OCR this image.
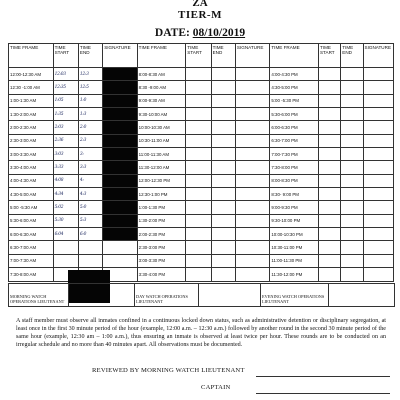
ZA
TIER-M
DATE: 08/10/2019
TIME FRAME	TIME START	TIME END	SIGNATURE	TIME FRAME	TIME START	TIME END	SIGNATURE	TIME FRAME	TIME START	TIME END	SIGNATURE
12:00-12:30 AM	12:03	12:3		8:00-8:30 AM				4:00-4:30 PM			
12:30 -1:00 AM	12:35	12:5		8:30 -9:00 AM				4:30-5:00 PM			
1:00-1:30 AM	1:05	1:0		9:00-9:30 AM				5:00 -5:30 PM			
1:30-2:00 AM	1:35	1:3		9:30-10:00 AM				5:30-6:00 PM			
2:00-2:30 AM	2:03	2:0		10:00-10:30 AM				6:00-6:30 PM			
2:30-3:00 AM	2:36	2:3		10:30-11:00 AM				6:30-7:00 PM			
3:00-3:30 AM	3:03	3:		11:00-11:30 AM				7:00-7:30 PM			
3:30-4:00 AM	3:33	3:3		11:30-12:00 AM				7:30-8:00 PM			
4:00-4:30 AM	4:08	4:		12:00-12:30 PM				8:00-8:30 PM			
4:30-5:00 AM	4:34	4:3		12:30-1:00 PM				8:30- 9:00 PM			
5:00 -5:30 AM	5:02	5:0		1:00-1:30 PM				9:00-9:30 PM			
5:30-6:00 AM	5:30	5:3		1:30-2:00 PM				9:30-10:00 PM			
6:00-6:30 AM	6:04	6:0		2:00-2:30 PM				10:00-10:30 PM			
6:30-7:00 AM				2:30-3:00 PM				10:30-11:00 PM			
7:00-7:30 AM				3:00-3:30 PM				11:00-11:30 PM			
7:30-8:00 AM				3:30-4:00 PM				11:30-12:00 PM			
MORNING WATCH OPERATIONS LIEUTENANT		DAY WATCH OPERATIONS LIEUTENANT		EVENING WATCH OPERATIONS LIEUTENANT	

A staff member must observe all inmates confined in a continuous locked down status, such as administrative detention or disciplinary segregation, at least once in the first 30 minute period of the hour (example, 12:00 a.m. – 12:30 a.m.) followed by another round in the second 30 minute period of the same hour (example, 12:30 am – 1:00 a.m.), thus ensuring an inmate is observed at least twice per hour. These rounds are to be conducted on an irregular schedule and no more than 40 minutes apart. All observations must be documented.

REVIEWED BY MORNING WATCH LIEUTENANT
CAPTAIN
